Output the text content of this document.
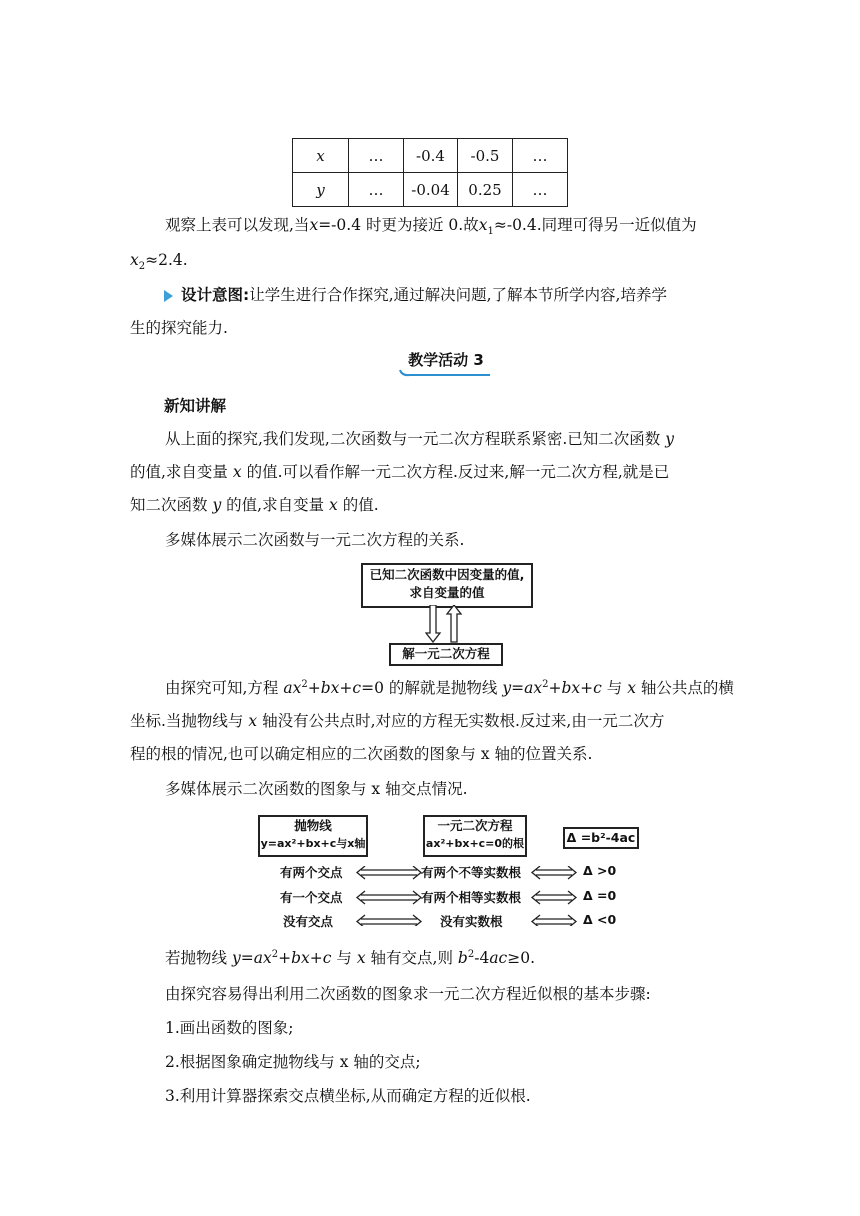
x	…	-0.4	-0.5	…
y	…	-0.04	0.25	…
观察上表可以发现,当x=-0.4 时更为接近 0.故$x_1\approx-0.4$.同理可得另一近似值为
$x_2\approx 2.4$.
设计意图:让学生进行合作探究,通过解决问题,了解本节所学内容,培养学
生的探究能力.
教学活动 3
新知讲解
从上面的探究,我们发现,二次函数与一元二次方程联系紧密.已知二次函数 y
的值,求自变量 x 的值.可以看作解一元二次方程.反过来,解一元二次方程,就是已
知二次函数 y 的值,求自变量 x 的值.
多媒体展示二次函数与一元二次方程的关系.
已知二次函数中因变量的值,
求自变量的值
解一元二次方程
由探究可知,方程 $ax^2+bx+c=0$ 的解就是抛物线 $y=ax^2+bx+c$ 与 x 轴公共点的横
坐标.当抛物线与 x 轴没有公共点时,对应的方程无实数根.反过来,由一元二次方
程的根的情况,也可以确定相应的二次函数的图象与 x 轴的位置关系.
多媒体展示二次函数的图象与 x 轴交点情况.
抛物线
y=ax²+bx+c与x轴
一元二次方程
ax²+bx+c=0的根	Δ =b²-4ac
有两个交点	有两个不等实数根	Δ >0
有一个交点	有两个相等实数根	Δ =0
没有交点	没有实数根	Δ <0
若抛物线 $y=ax^2+bx+c$ 与 x 轴有交点,则 $b^2-4ac\ge 0$.
由探究容易得出利用二次函数的图象求一元二次方程近似根的基本步骤:
1.画出函数的图象;
2.根据图象确定抛物线与 x 轴的交点;
3.利用计算器探索交点横坐标,从而确定方程的近似根.
